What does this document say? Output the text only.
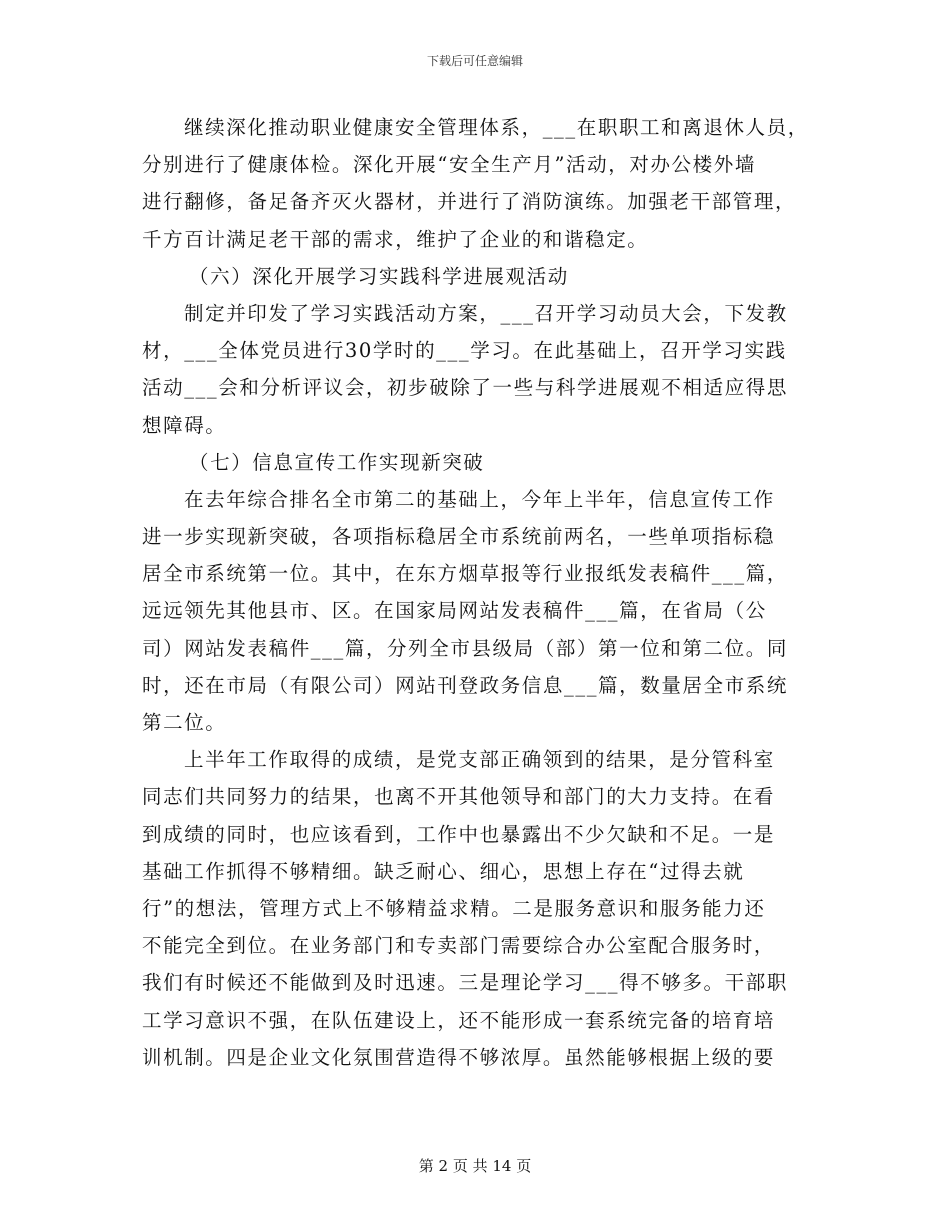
下载后可任意编辑
继续深化推动职业健康安全管理体系，___在职职工和离退休人员，
分别进行了健康体检。深化开展“安全生产月”活动，对办公楼外墙
进行翻修，备足备齐灭火器材，并进行了消防演练。加强老干部管理，
千方百计满足老干部的需求，维护了企业的和谐稳定。
（六）深化开展学习实践科学进展观活动
制定并印发了学习实践活动方案，___召开学习动员大会，下发教
材，___全体党员进行30学时的___学习。在此基础上，召开学习实践
活动___会和分析评议会，初步破除了一些与科学进展观不相适应得思
想障碍。
（七）信息宣传工作实现新突破
在去年综合排名全市第二的基础上，今年上半年，信息宣传工作
进一步实现新突破，各项指标稳居全市系统前两名，一些单项指标稳
居全市系统第一位。其中，在东方烟草报等行业报纸发表稿件___篇，
远远领先其他县市、区。在国家局网站发表稿件___篇，在省局（公
司）网站发表稿件___篇，分列全市县级局（部）第一位和第二位。同
时，还在市局（有限公司）网站刊登政务信息___篇，数量居全市系统
第二位。
上半年工作取得的成绩，是党支部正确领到的结果，是分管科室
同志们共同努力的结果，也离不开其他领导和部门的大力支持。在看
到成绩的同时，也应该看到，工作中也暴露出不少欠缺和不足。一是
基础工作抓得不够精细。缺乏耐心、细心，思想上存在“过得去就
行”的想法，管理方式上不够精益求精。二是服务意识和服务能力还
不能完全到位。在业务部门和专卖部门需要综合办公室配合服务时，
我们有时候还不能做到及时迅速。三是理论学习___得不够多。干部职
工学习意识不强，在队伍建设上，还不能形成一套系统完备的培育培
训机制。四是企业文化氛围营造得不够浓厚。虽然能够根据上级的要
第 2 页 共 14 页
